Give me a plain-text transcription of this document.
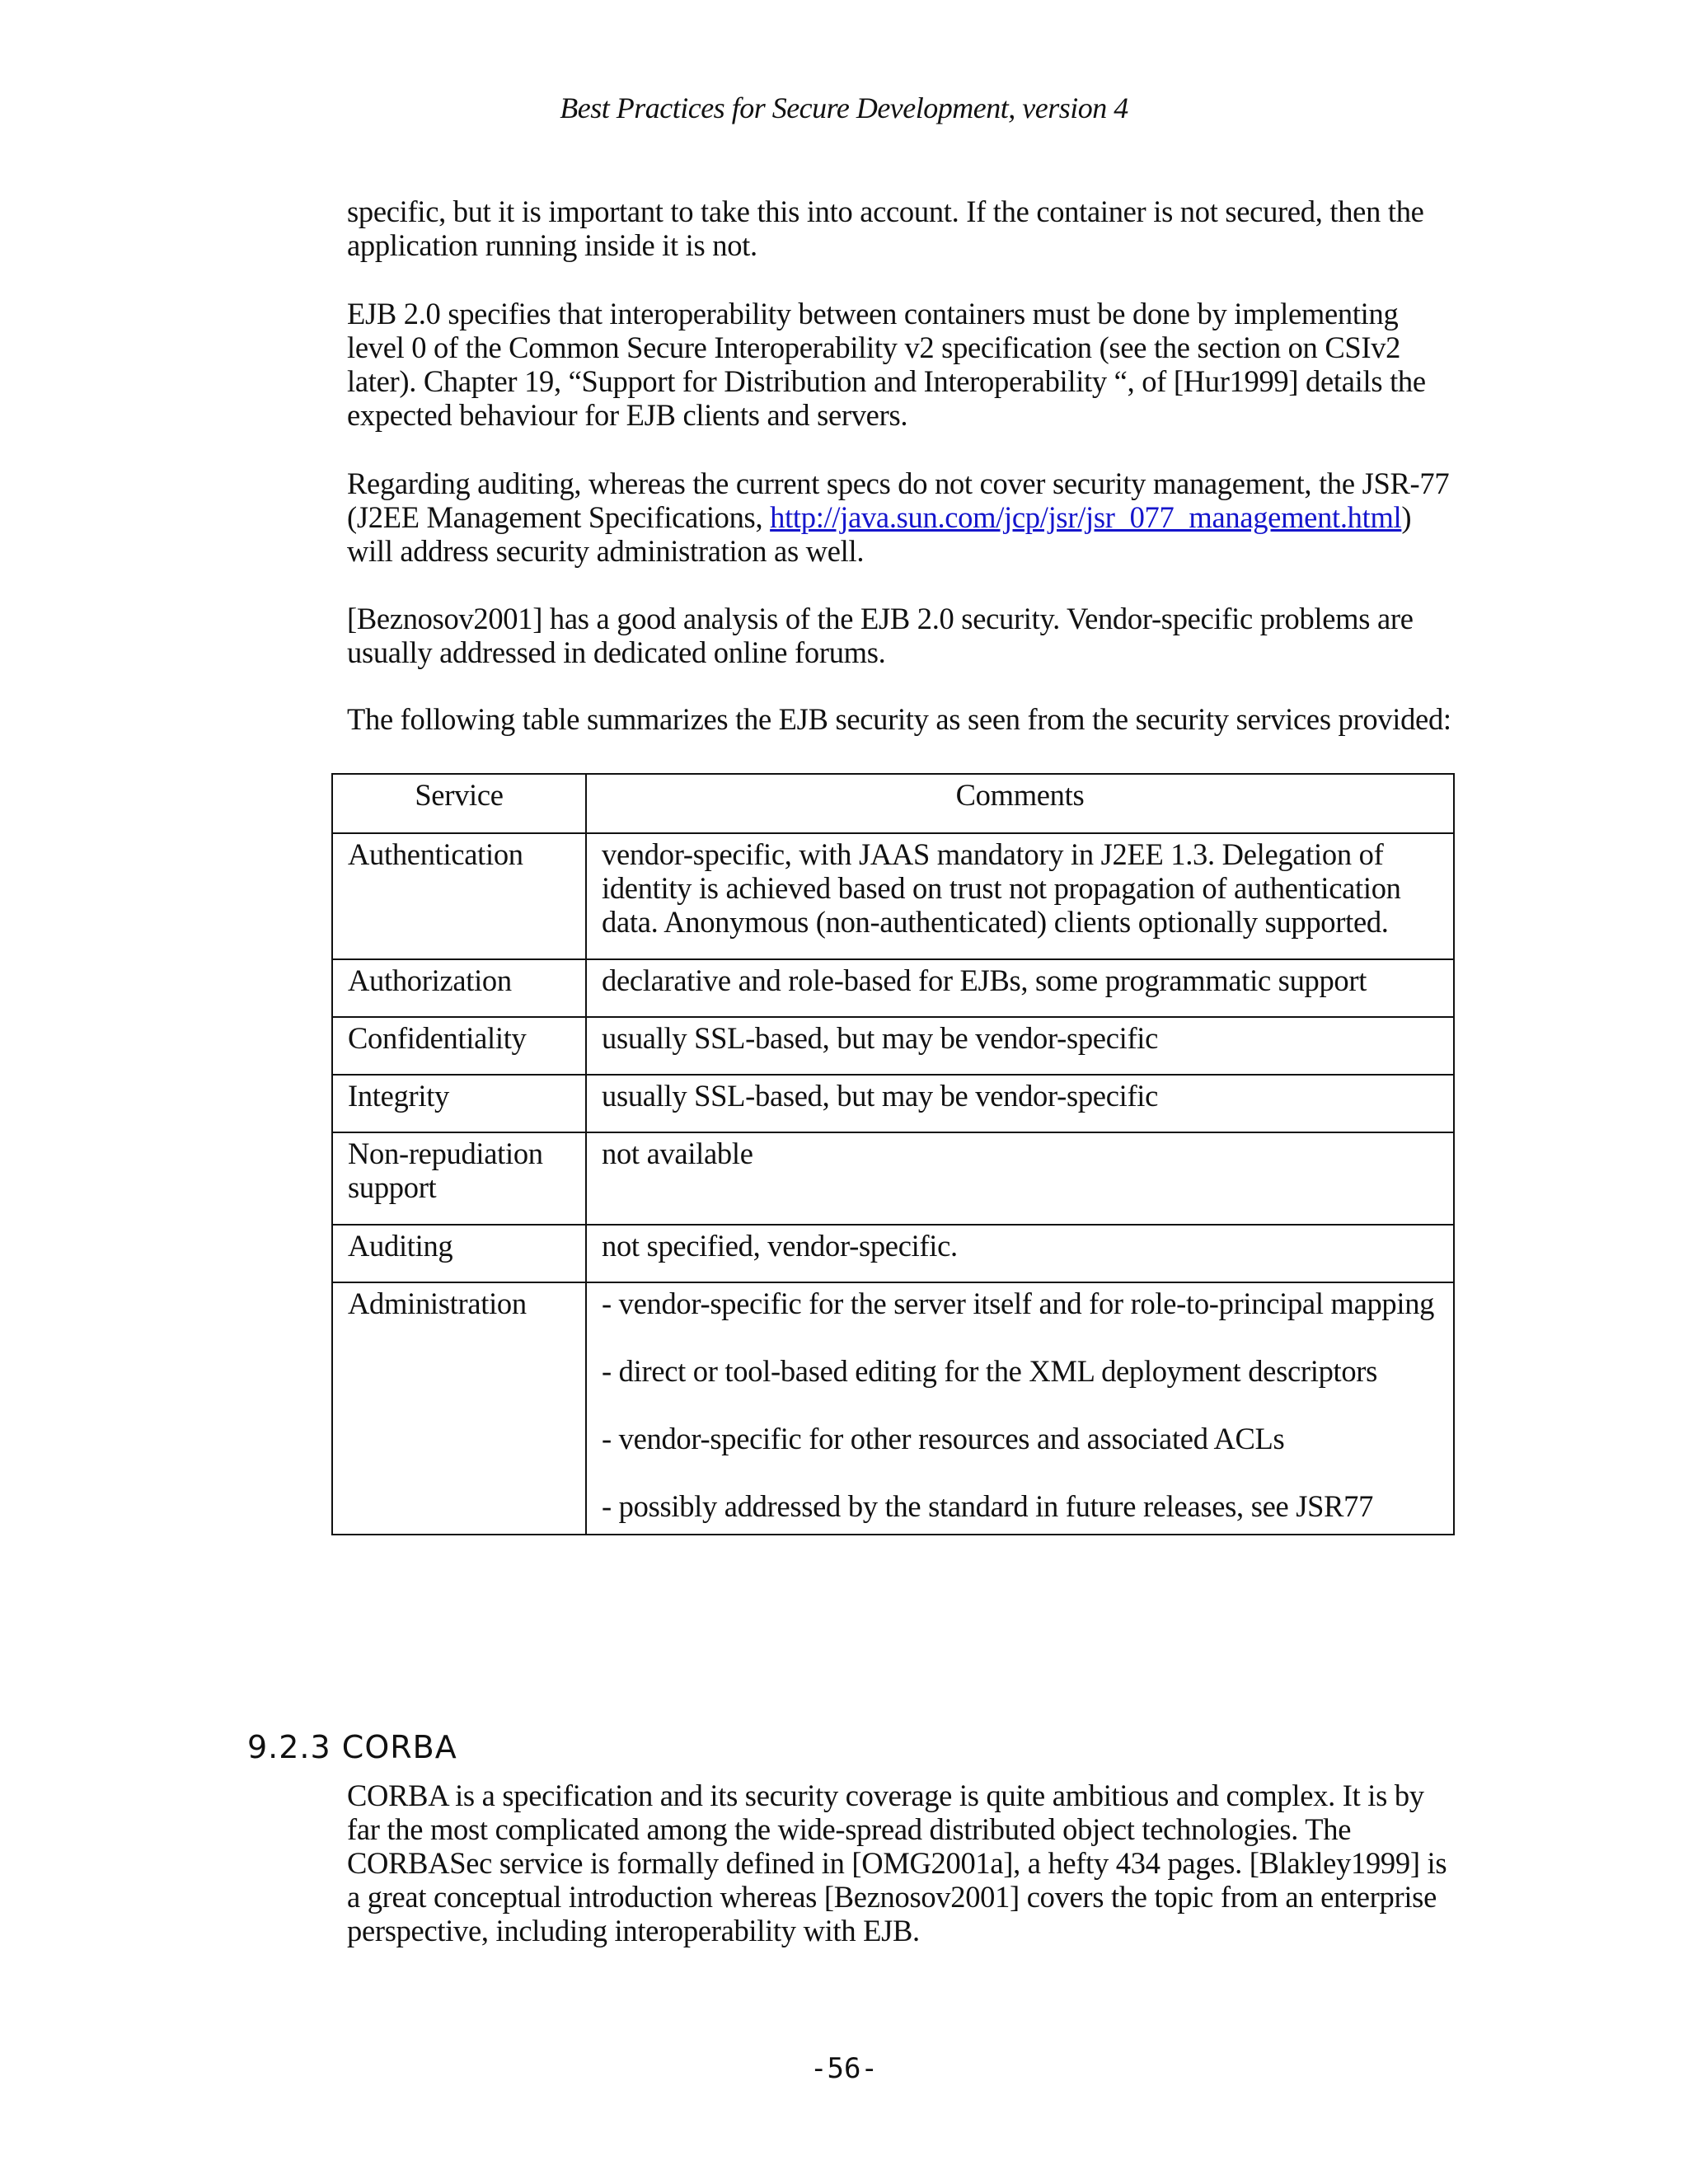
Best Practices for Secure Development, version 4

specific, but it is important to take this into account. If the container is not secured, then the application running inside it is not.

EJB 2.0 specifies that interoperability between containers must be done by implementing level 0 of the Common Secure Interoperability v2 specification (see the section on CSIv2 later). Chapter 19, “Support for Distribution and Interoperability “, of [Hur1999] details the expected behaviour for EJB clients and servers.

Regarding auditing, whereas the current specs do not cover security management, the JSR-77 (J2EE Management Specifications, http://java.sun.com/jcp/jsr/jsr_077_management.html) will address security administration as well.

[Beznosov2001] has a good analysis of the EJB 2.0 security. Vendor-specific problems are usually addressed in dedicated online forums.

The following table summarizes the EJB security as seen from the security services provided:

Service	Comments
Authentication	vendor-specific, with JAAS mandatory in J2EE 1.3. Delegation of identity is achieved based on trust not propagation of authentication data. Anonymous (non-authenticated) clients optionally supported.
Authorization	declarative and role-based for EJBs, some programmatic support
Confidentiality	usually SSL-based, but may be vendor-specific
Integrity	usually SSL-based, but may be vendor-specific
Non-repudiation support	not available
Auditing	not specified, vendor-specific.
Administration	- vendor-specific for the server itself and for role-to-principal mapping
- direct or tool-based editing for the XML deployment descriptors
- vendor-specific for other resources and associated ACLs
- possibly addressed by the standard in future releases, see JSR77
9.2.3 CORBA

CORBA is a specification and its security coverage is quite ambitious and complex. It is by far the most complicated among the wide-spread distributed object technologies. The CORBASec service is formally defined in [OMG2001a], a hefty 434 pages. [Blakley1999] is a great conceptual introduction whereas [Beznosov2001] covers the topic from an enterprise perspective, including interoperability with EJB.

-56-
